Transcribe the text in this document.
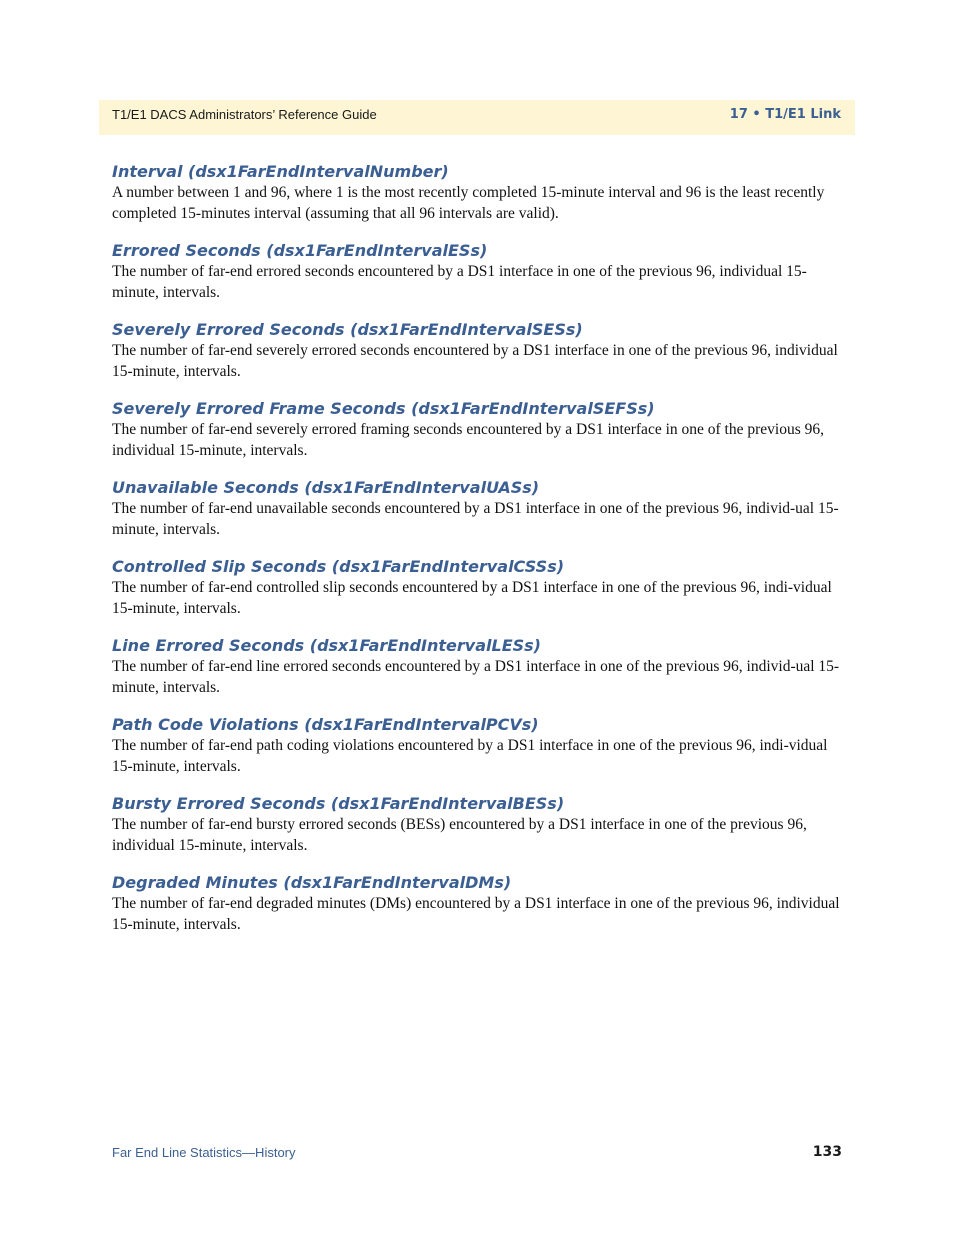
T1/E1 DACS Administrators’ Reference Guide	17 • T1/E1 Link
Interval (dsx1FarEndIntervalNumber)

A number between 1 and 96, where 1 is the most recently completed 15-minute interval and 96 is the least recently completed 15-minutes interval (assuming that all 96 intervals are valid).

Errored Seconds (dsx1FarEndIntervalESs)

The number of far-end errored seconds encountered by a DS1 interface in one of the previous 96, individual 15-minute, intervals.

Severely Errored Seconds (dsx1FarEndIntervalSESs)

The number of far-end severely errored seconds encountered by a DS1 interface in one of the previous 96, individual 15-minute, intervals.

Severely Errored Frame Seconds (dsx1FarEndIntervalSEFSs)

The number of far-end severely errored framing seconds encountered by a DS1 interface in one of the previous 96, individual 15-minute, intervals.

Unavailable Seconds (dsx1FarEndIntervalUASs)

The number of far-end unavailable seconds encountered by a DS1 interface in one of the previous 96, individ-ual 15-minute, intervals.

Controlled Slip Seconds (dsx1FarEndIntervalCSSs)

The number of far-end controlled slip seconds encountered by a DS1 interface in one of the previous 96, indi-vidual 15-minute, intervals.

Line Errored Seconds (dsx1FarEndIntervalLESs)

The number of far-end line errored seconds encountered by a DS1 interface in one of the previous 96, individ-ual 15-minute, intervals.

Path Code Violations (dsx1FarEndIntervalPCVs)

The number of far-end path coding violations encountered by a DS1 interface in one of the previous 96, indi-vidual 15-minute, intervals.

Bursty Errored Seconds (dsx1FarEndIntervalBESs)

The number of far-end bursty errored seconds (BESs) encountered by a DS1 interface in one of the previous 96, individual 15-minute, intervals.

Degraded Minutes (dsx1FarEndIntervalDMs)

The number of far-end degraded minutes (DMs) encountered by a DS1 interface in one of the previous 96, individual 15-minute, intervals.

Far End Line Statistics—History	133
